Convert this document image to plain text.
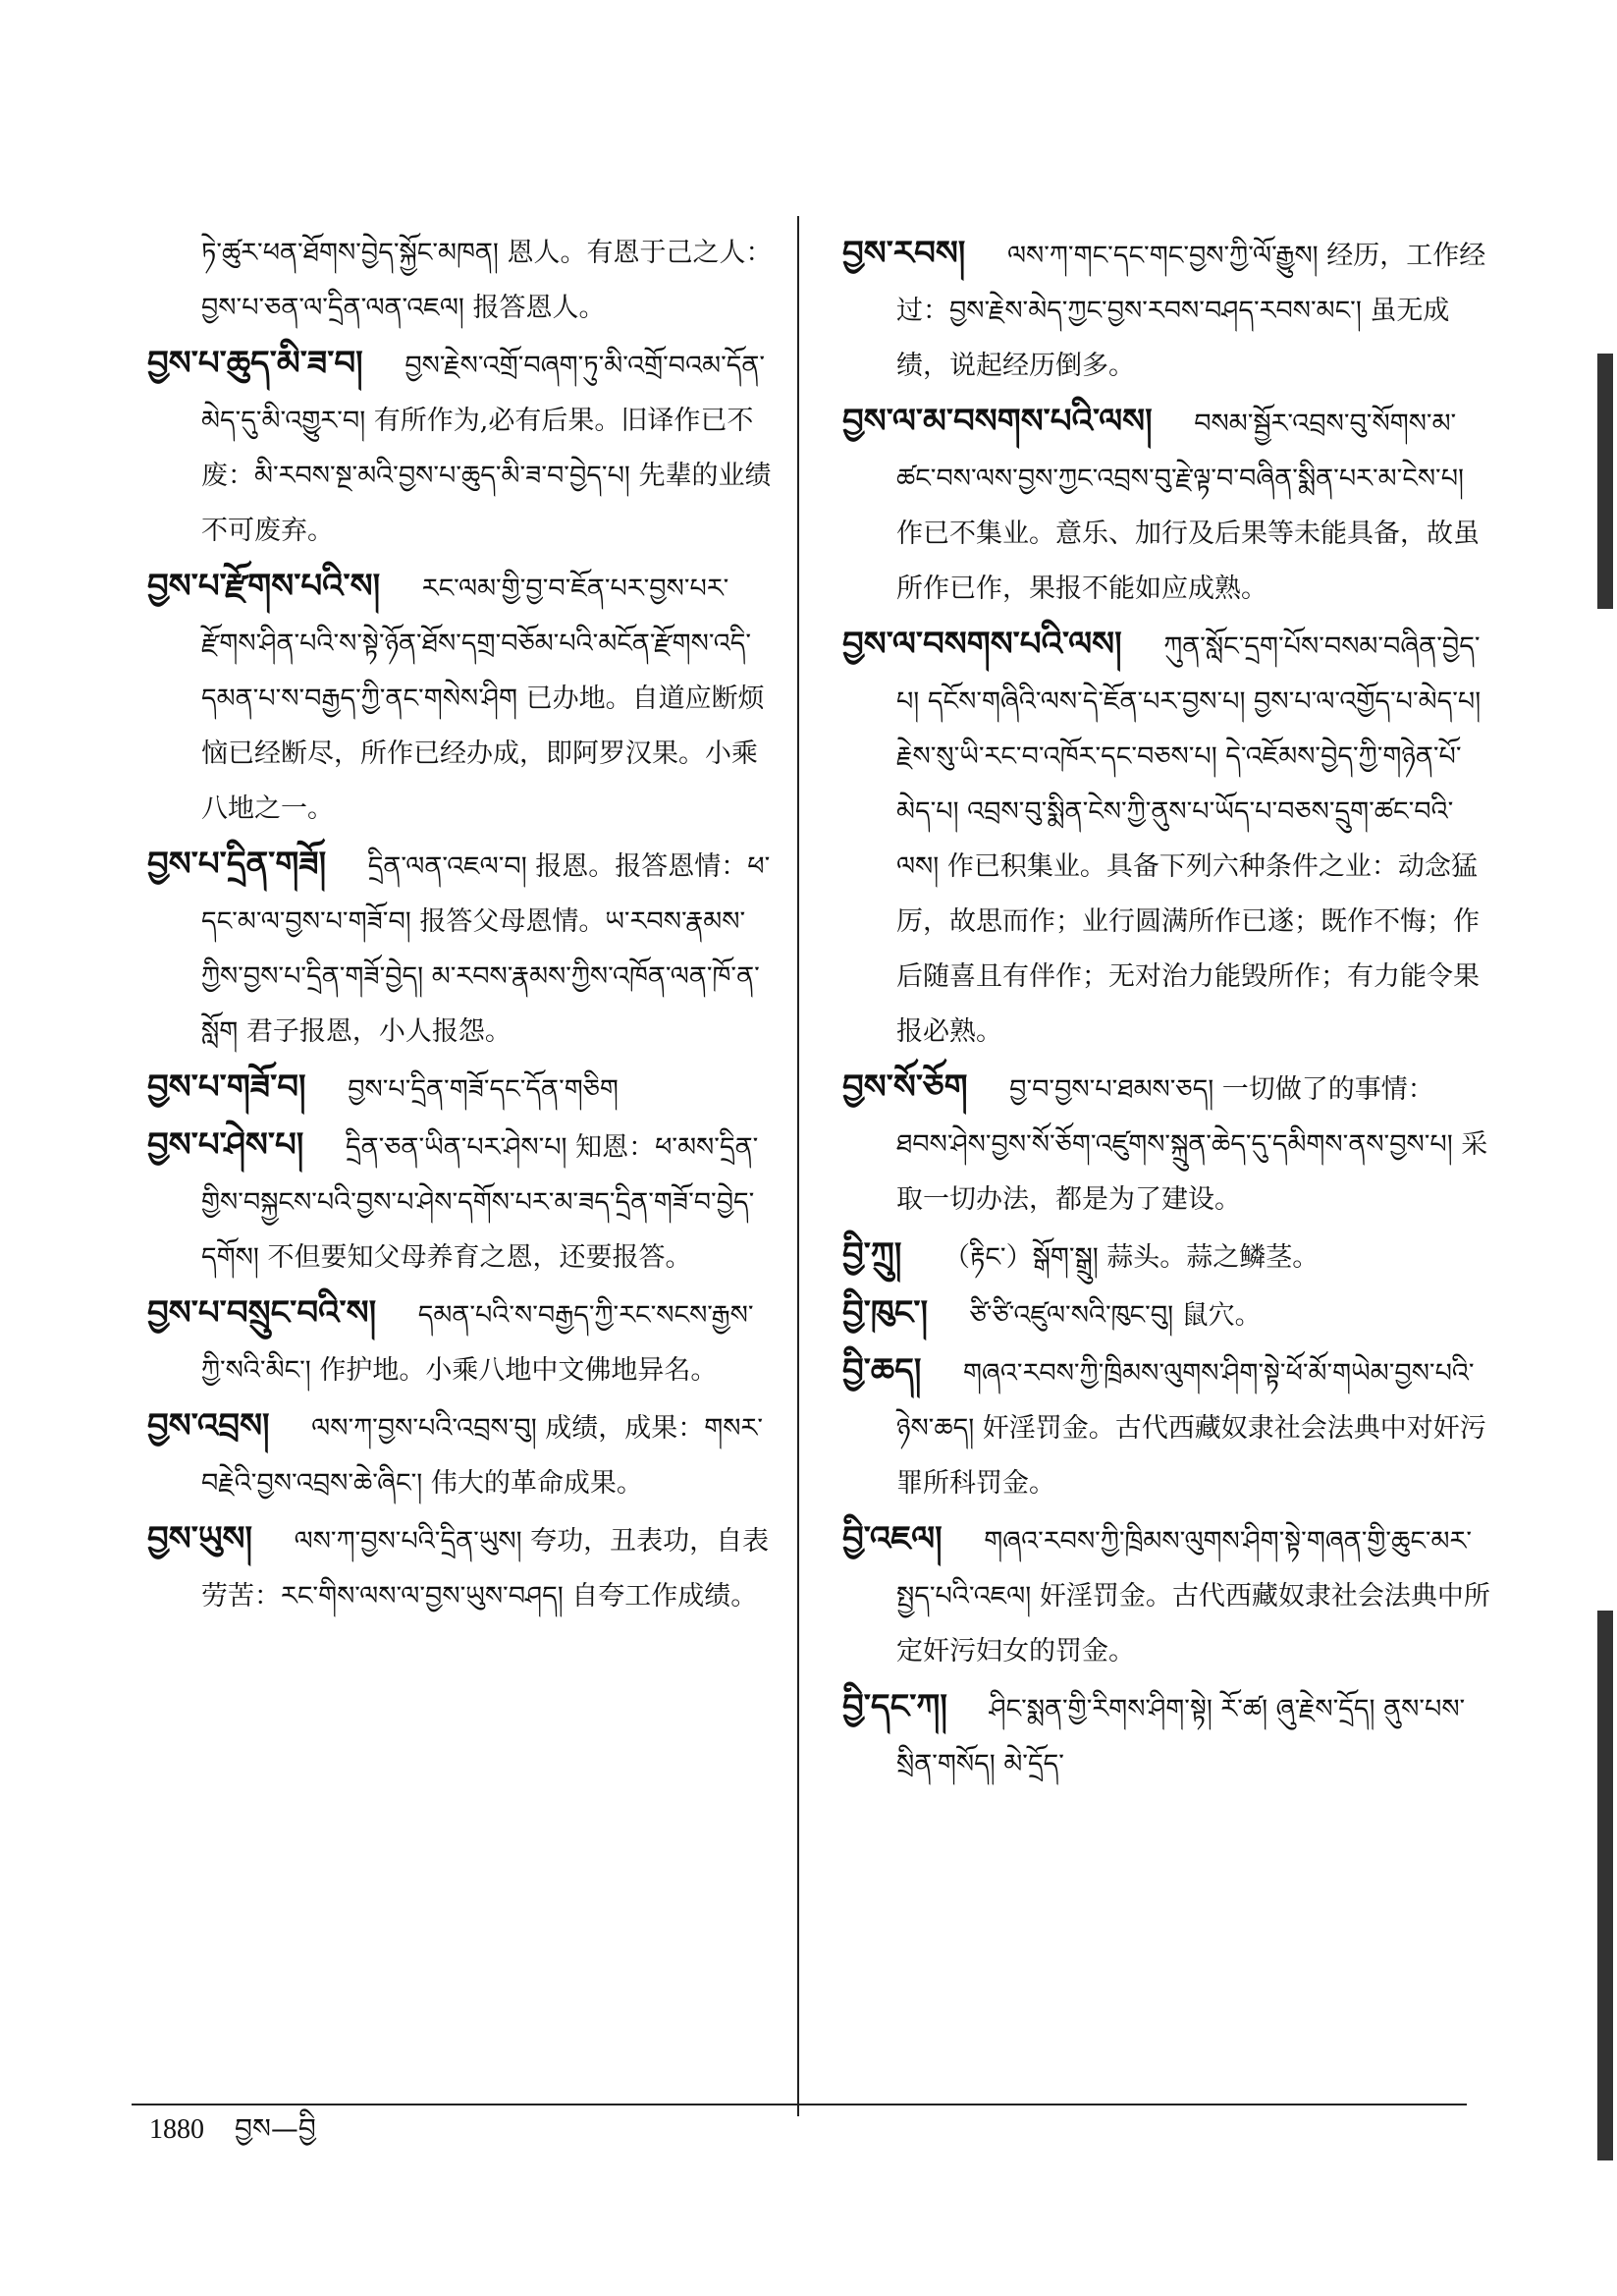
ཏེ་ཚུར་ཕན་ཐོགས་བྱེད་སྐྱོང་མཁན། 恩人。有恩于己之人：བྱས་པ་ཅན་ལ་དྲིན་ལན་འཇལ། 报答恩人。
བྱས་པ་ཆུད་མི་ཟ་བ། བྱས་རྗེས་འགྲོ་བཞག་ཏུ་མི་འགྲོ་བའམ་དོན་མེད་དུ་མི་འགྱུར་བ། 有所作为,必有后果。旧译作已不废：མི་རབས་སྔ་མའི་བྱས་པ་ཆུད་མི་ཟ་བ་བྱེད་པ། 先辈的业绩不可废弃。
བྱས་པ་རྫོགས་པའི་ས། རང་ལམ་གྱི་བྱ་བ་ཇོན་པར་བྱས་པར་རྫོགས་ཤིན་པའི་ས་སྟེ་ཉོན་ཐོས་དགྲ་བཅོམ་པའི་མངོན་རྫོགས་འདི་དམན་པ་ས་བརྒྱད་ཀྱི་ནང་གསེས་ཤིག 已办地。自道应断烦恼已经断尽，所作已经办成，即阿罗汉果。小乘八地之一。
བྱས་པ་དྲིན་གཟོ། དྲིན་ལན་འཇལ་བ། 报恩。报答恩情：ཕ་དང་མ་ལ་བྱས་པ་གཟོ་བ། 报答父母恩情。ཡ་རབས་རྣམས་ཀྱིས་བྱས་པ་དྲིན་གཟོ་བྱེད། མ་རབས་རྣམས་ཀྱིས་འཁོན་ལན་ཁོ་ན་སློག 君子报恩，小人报怨。
བྱས་པ་གཟོ་བ། བྱས་པ་དྲིན་གཟོ་དང་དོན་གཅིག
བྱས་པ་ཤེས་པ། དྲིན་ཅན་ཡིན་པར་ཤེས་པ། 知恩：ཕ་མས་དྲིན་གྱིས་བསྐྱངས་པའི་བྱས་པ་ཤེས་དགོས་པར་མ་ཟད་དྲིན་གཟོ་བ་བྱེད་དགོས། 不但要知父母养育之恩，还要报答。
བྱས་པ་བསྲུང་བའི་ས། དམན་པའི་ས་བརྒྱད་ཀྱི་རང་སངས་རྒྱས་ཀྱི་སའི་མིང་། 作护地。小乘八地中文佛地异名。
བྱས་འབྲས། ལས་ཀ་བྱས་པའི་འབྲས་བུ། 成绩，成果：གསར་བརྗེའི་བྱས་འབྲས་ཆེ་ཞིང་། 伟大的革命成果。
བྱས་ཡུས། ལས་ཀ་བྱས་པའི་དྲིན་ཡུས། 夸功，丑表功，自表劳苦：རང་གིས་ལས་ལ་བྱས་ཡུས་བཤད། 自夸工作成绩。
བྱས་རབས། ལས་ཀ་གང་དང་གང་བྱས་ཀྱི་ལོ་རྒྱུས། 经历，工作经过：བྱས་རྗེས་མེད་ཀྱང་བྱས་རབས་བཤད་རབས་མང་། 虽无成绩，说起经历倒多。
བྱས་ལ་མ་བསགས་པའི་ལས། བསམ་སྦྱོར་འབྲས་བུ་སོགས་མ་ཚང་བས་ལས་བྱས་ཀྱང་འབྲས་བུ་རྗེ་ལྟ་བ་བཞིན་སྨིན་པར་མ་ངེས་པ། 作已不集业。意乐、加行及后果等未能具备，故虽所作已作，果报不能如应成熟。
བྱས་ལ་བསགས་པའི་ལས། ཀུན་སློང་དྲག་པོས་བསམ་བཞིན་བྱེད་པ། དངོས་གཞིའི་ལས་དེ་ཇོན་པར་བྱས་པ། བྱས་པ་ལ་འགྱོད་པ་མེད་པ། རྗེས་སུ་ཡི་རང་བ་འཁོར་དང་བཅས་པ། དེ་འཇོམས་བྱེད་ཀྱི་གཉེན་པོ་མེད་པ། འབྲས་བུ་སྨིན་ངེས་ཀྱི་ནུས་པ་ཡོད་པ་བཅས་དྲུག་ཚང་བའི་ལས། 作已积集业。具备下列六种条件之业：动念猛厉，故思而作；业行圆满所作已遂；既作不悔；作后随喜且有伴作；无对治力能毁所作；有力能令果报必熟。
བྱས་སོ་ཅོག བྱ་བ་བྱས་པ་ཐམས་ཅད། 一切做了的事情：ཐབས་ཤེས་བྱས་སོ་ཅོག་འཛུགས་སྐྲུན་ཆེད་དུ་དམིགས་ནས་བྱས་པ། 采取一切办法，都是为了建设。
བྱི་ཀྲུ། （རྟིང་）སྒོག་སྒྲུ། 蒜头。蒜之鳞茎。
བྱི་ཁུང་། ཙི་ཙི་འཛུལ་སའི་ཁུང་བུ། 鼠穴。
བྱི་ཆད། གཞའ་རབས་ཀྱི་ཁྲིམས་ལུགས་ཤིག་སྟེ་ཕོ་མོ་གཡེམ་བྱས་པའི་ཉེས་ཆད། 奸淫罚金。古代西藏奴隶社会法典中对奸污罪所科罚金。
བྱི་འཇལ། གཞའ་རབས་ཀྱི་ཁྲིམས་ལུགས་ཤིག་སྟེ་གཞན་གྱི་ཆུང་མར་སྤྱད་པའི་འཇལ། 奸淫罚金。古代西藏奴隶社会法典中所定奸污妇女的罚金。
བྱི་དང་ཀ། ཤིང་སྨན་གྱི་རིགས་ཤིག་སྟེ། རོ་ཚ། ཞུ་རྗེས་དྲོད། ནུས་པས་སྲིན་གསོད། མེ་དྲོད་
1880 བྱས—བྱི
